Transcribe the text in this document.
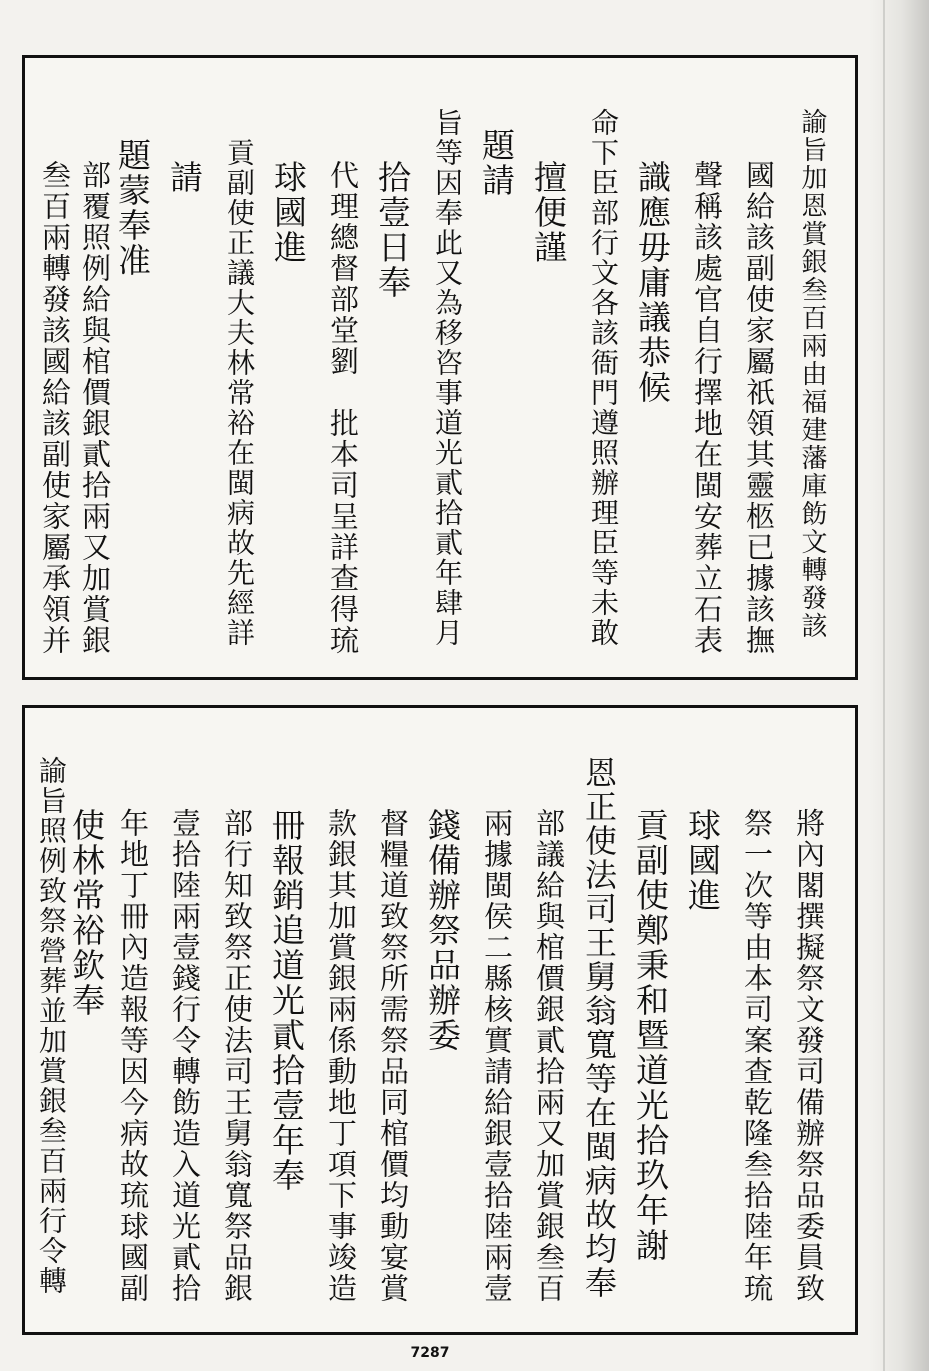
諭旨加恩賞銀叁百兩由福建藩庫飭文轉發該
國給該副使家屬祇領其靈柩已據該撫
聲稱該處官自行擇地在閩安葬立石表
識應毋庸議恭候
命下臣部行文各該衙門遵照辦理臣等未敢
擅便謹
題請
旨等因奉此又為移咨事道光貳拾貳年肆月
拾壹日奉
代理總督部堂劉　批本司呈詳查得琉
球國進
貢副使正議大夫林常裕在閩病故先經詳
請
題蒙奉准
部覆照例給與棺價銀貳拾兩又加賞銀
叁百兩轉發該國給該副使家屬承領并
將內閣撰擬祭文發司備辦祭品委員致
祭一次等由本司案查乾隆叁拾陸年琉
球國進
貢副使鄭秉和暨道光拾玖年謝
恩正使法司王舅翁寬等在閩病故均奉
部議給與棺價銀貳拾兩又加賞銀叁百
兩據閩侯二縣核實請給銀壹拾陸兩壹
錢備辦祭品辦委
督糧道致祭所需祭品同棺價均動宴賞
款銀其加賞銀兩係動地丁項下事竣造
冊報銷追道光貳拾壹年奉
部行知致祭正使法司王舅翁寬祭品銀
壹拾陸兩壹錢行令轉飭造入道光貳拾
年地丁冊內造報等因今病故琉球國副
使林常裕欽奉
諭旨照例致祭營葬並加賞銀叁百兩行令轉
7287
